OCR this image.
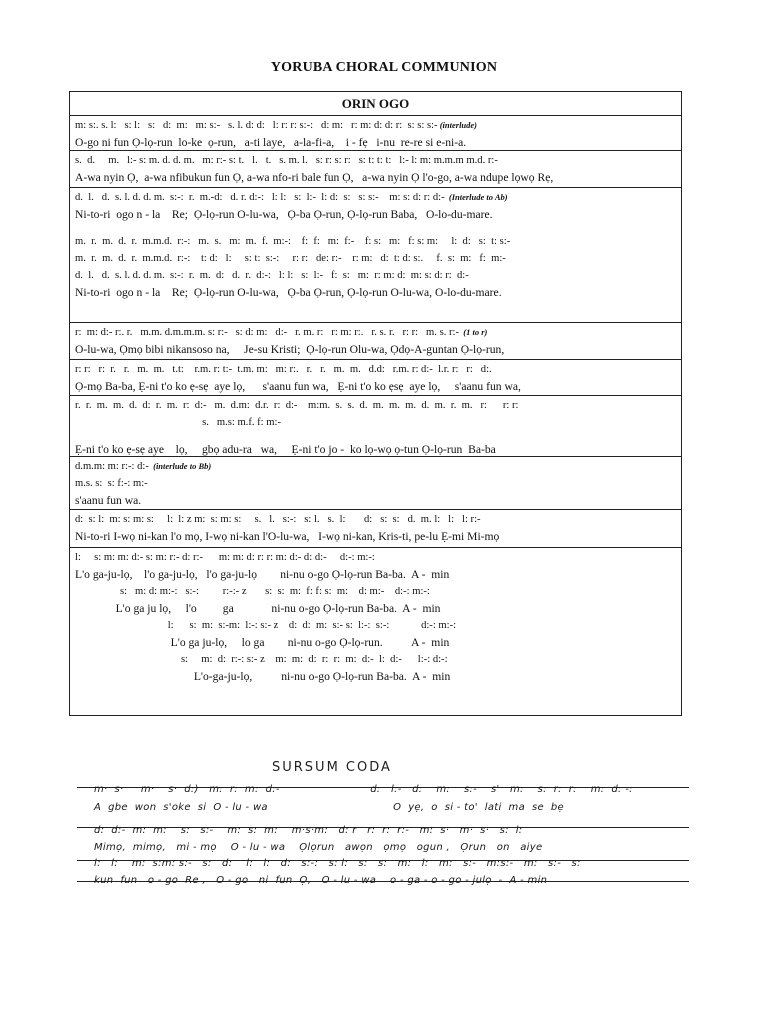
YORUBA CHORAL COMMUNION
ORIN OGO
m: s:. s. l:   s: l:   s:   d:  m:   m: s:-   s. l. d: d:   l: r: r: s:-:   d: m:   r: m: d: d: r:  s: s: s:- (interlude)
O-go ni fun Ọ-lọ-run  lo-ke  ọ-run,   a-ti laye,   a-la-fi-a,    i - fẹ   i-nu  re-re si e-ni-a.
s.  d.     m.   l:- s: m. d. d. m.   m: r:- s: t.   l.   t.   s. m. l.   s: r: s: r:   s: t: t: t:   l:- l: m: m.m.m m.d. r:-
A-wa nyin Ọ,  a-wa nfibukun fun Ọ, a-wa nfo-ri bale fun Ọ,   a-wa nyin Ọ l'o-go, a-wa ndupe lọwọ Rẹ,
d.  l.   d.  s. l. d. d. m.  s:-:  r.  m.-d:   d. r. d:-:   l: l:   s:  l:-  l: d:  s:   s: s:-    m: s: d: r: d:-  (Interlude to Ab)
Ni-to-ri  ogo n - la    Re;  Ọ-lọ-run O-lu-wa,   Ọ-ba Ọ-run, Ọ-lọ-run Baba,   O-lo-du-mare.
m.  r.  m.  d.  r.  m.m.d.  r:-:   m.  s.   m:  m.  f.  m:-:    f:  f:   m:  f:-    f: s:   m:   f: s: m:     l:  d:   s:  t: s:-
m.  r.  m.  d.  r.  m.m.d.  r:-:    t: d:   l:     s: t:  s:-:     r: r:   de: r:-    r: m:   d:  t: d: s:.     f.  s:  m:   f:  m:-
d.  l.   d.  s. l. d. d. m.  s:-:  r.  m.  d:   d.  r.  d:-:   l: l:   s:  l:-   f:  s:   m:  r: m: d:  m: s: d: r:  d:-
Ni-to-ri  ogo n - la    Re;  Ọ-lọ-run O-lu-wa,   Ọ-ba Ọ-run, Ọ-lọ-run O-lu-wa, O-lo-du-mare.
r:  m: d:- r:. r.   m.m. d.m.m.m. s: r:-   s: d: m:   d:-   r. m. r:   r: m: r:.   r. s. r.   r: r:   m. s. r:-  (1 to r)
O-lu-wa, Ọmọ bibi nikansoso na,     Je-su Kristi;  Ọ-lọ-run Olu-wa, Ọdọ-A-guntan Ọ-lọ-run,
r: r:   r:  r.   r.   m.  m.   t.t:    r.m. r: t:-  t.m. m:   m: r:.   r.   r.   m.  m.   d.d:   r.m. r: d:-  l.r. r:   r:   d:.
Ọ-mọ Ba-ba, Ẹ-ni t'o ko ẹ-sẹ  aye lọ,      s'aanu fun wa,   Ẹ-ni t'o ko ẹsẹ  aye lọ,     s'aanu fun wa,
r.  r.  m.  m.  d.  d:  r.  m.  r:  d:-   m.  d.m:  d.r.  r:  d:-    m:m.  s.  s.  d.  m.  m.  m.  d.  m.  r.  m.   r:      r: r:
s.   m.s: m.f. f: m:-
Ẹ-ni t'o ko ẹ-sẹ aye    lọ,     gbọ adu-ra   wa,     Ẹ-ni t'o jo -  ko lọ-wọ ọ-tun Ọ-lọ-run  Ba-ba
d.m.m: m: r:-: d:-  (interlude to Bb)
m.s. s:  s: f:-: m:-
s'aanu fun wa.
d:  s: l:  m: s: m: s:     l:  l: z m:  s: m: s:     s.   l.   s:-:   s: l.   s.  l:       d:   s:  s:   d.  m. l:   l:   l: r:-
Ni-to-ri I-wọ ni-kan l'o mọ, I-wọ ni-kan l'O-lu-wa,   I-wọ ni-kan, Kris-ti, pe-lu Ẹ-mi Mi-mọ
l:     s: m: m: d:- s: m: r:- d: r:-      m: m: d: r: r: m: d:- d: d:-     d:-: m:-:
L'o ga-ju-lọ,    l'o ga-ju-lọ,   l'o ga-ju-lọ        ni-nu o-go Ọ-lọ-run Ba-ba.  A -  min
s:   m: d: m:-:   s:-:         r:-:- z       s:  s:  m:  f: f: s:  m:    d: m:-    d:-: m:-:
L'o ga ju lọ,     l'o         ga             ni-nu o-go Ọ-lọ-run Ba-ba.  A -  min
l:      s:  m:  s:-m:  l:-: s:- z    d:  d:  m:  s:- s:  l:-:  s:-:            d:-: m:-:
L'o ga ju-lọ,     lo ga        ni-nu o-go Ọ-lọ-run.          A -  min
s:     m:  d:  r:-: s:- z    m:  m:  d:  r:  r:  m:  d:-  l:  d:-      l:-: d:-:
L'o-ga-ju-lọ,          ni-nu o-go Ọ-lọ-run Ba-ba.  A -  min
SURSUM CODA
m·  s·     m·    s·  d:)   m:  r:  m:  d:-                          d:   l:-   d:    m:    s:-    s'   m:    s:  r:  r:    m:  d: -:
A  gbe  won  s'oke  si  O - lu - wa                                    O  yẹ,  o  si - to'  lati  ma  se  bẹ
d:  d:-  m:  m:    s:   s:-    m:  s:  m:    m·s·m:   d: r   r:  r:  r:-   m:  s·   m·  s·   s:  l:
Mimọ,  mimọ,   mi - mọ    O - lu - wa    Ọlọrun   awọn   ọmọ   ogun ,   Ọrun   on   aiye
l:   l:    m:  s:m: s:-   s:   d:    l:   l:   d:   s:-:   s: l:   s:   s:   m:   l:   m:   s:-   m:s:-   m:   s:-   s:
kun  fun   o - go  Re ,   O - go   ni  fun  Ọ,   O - lu - wa    o - ga - o - go - julọ  -  A - min
